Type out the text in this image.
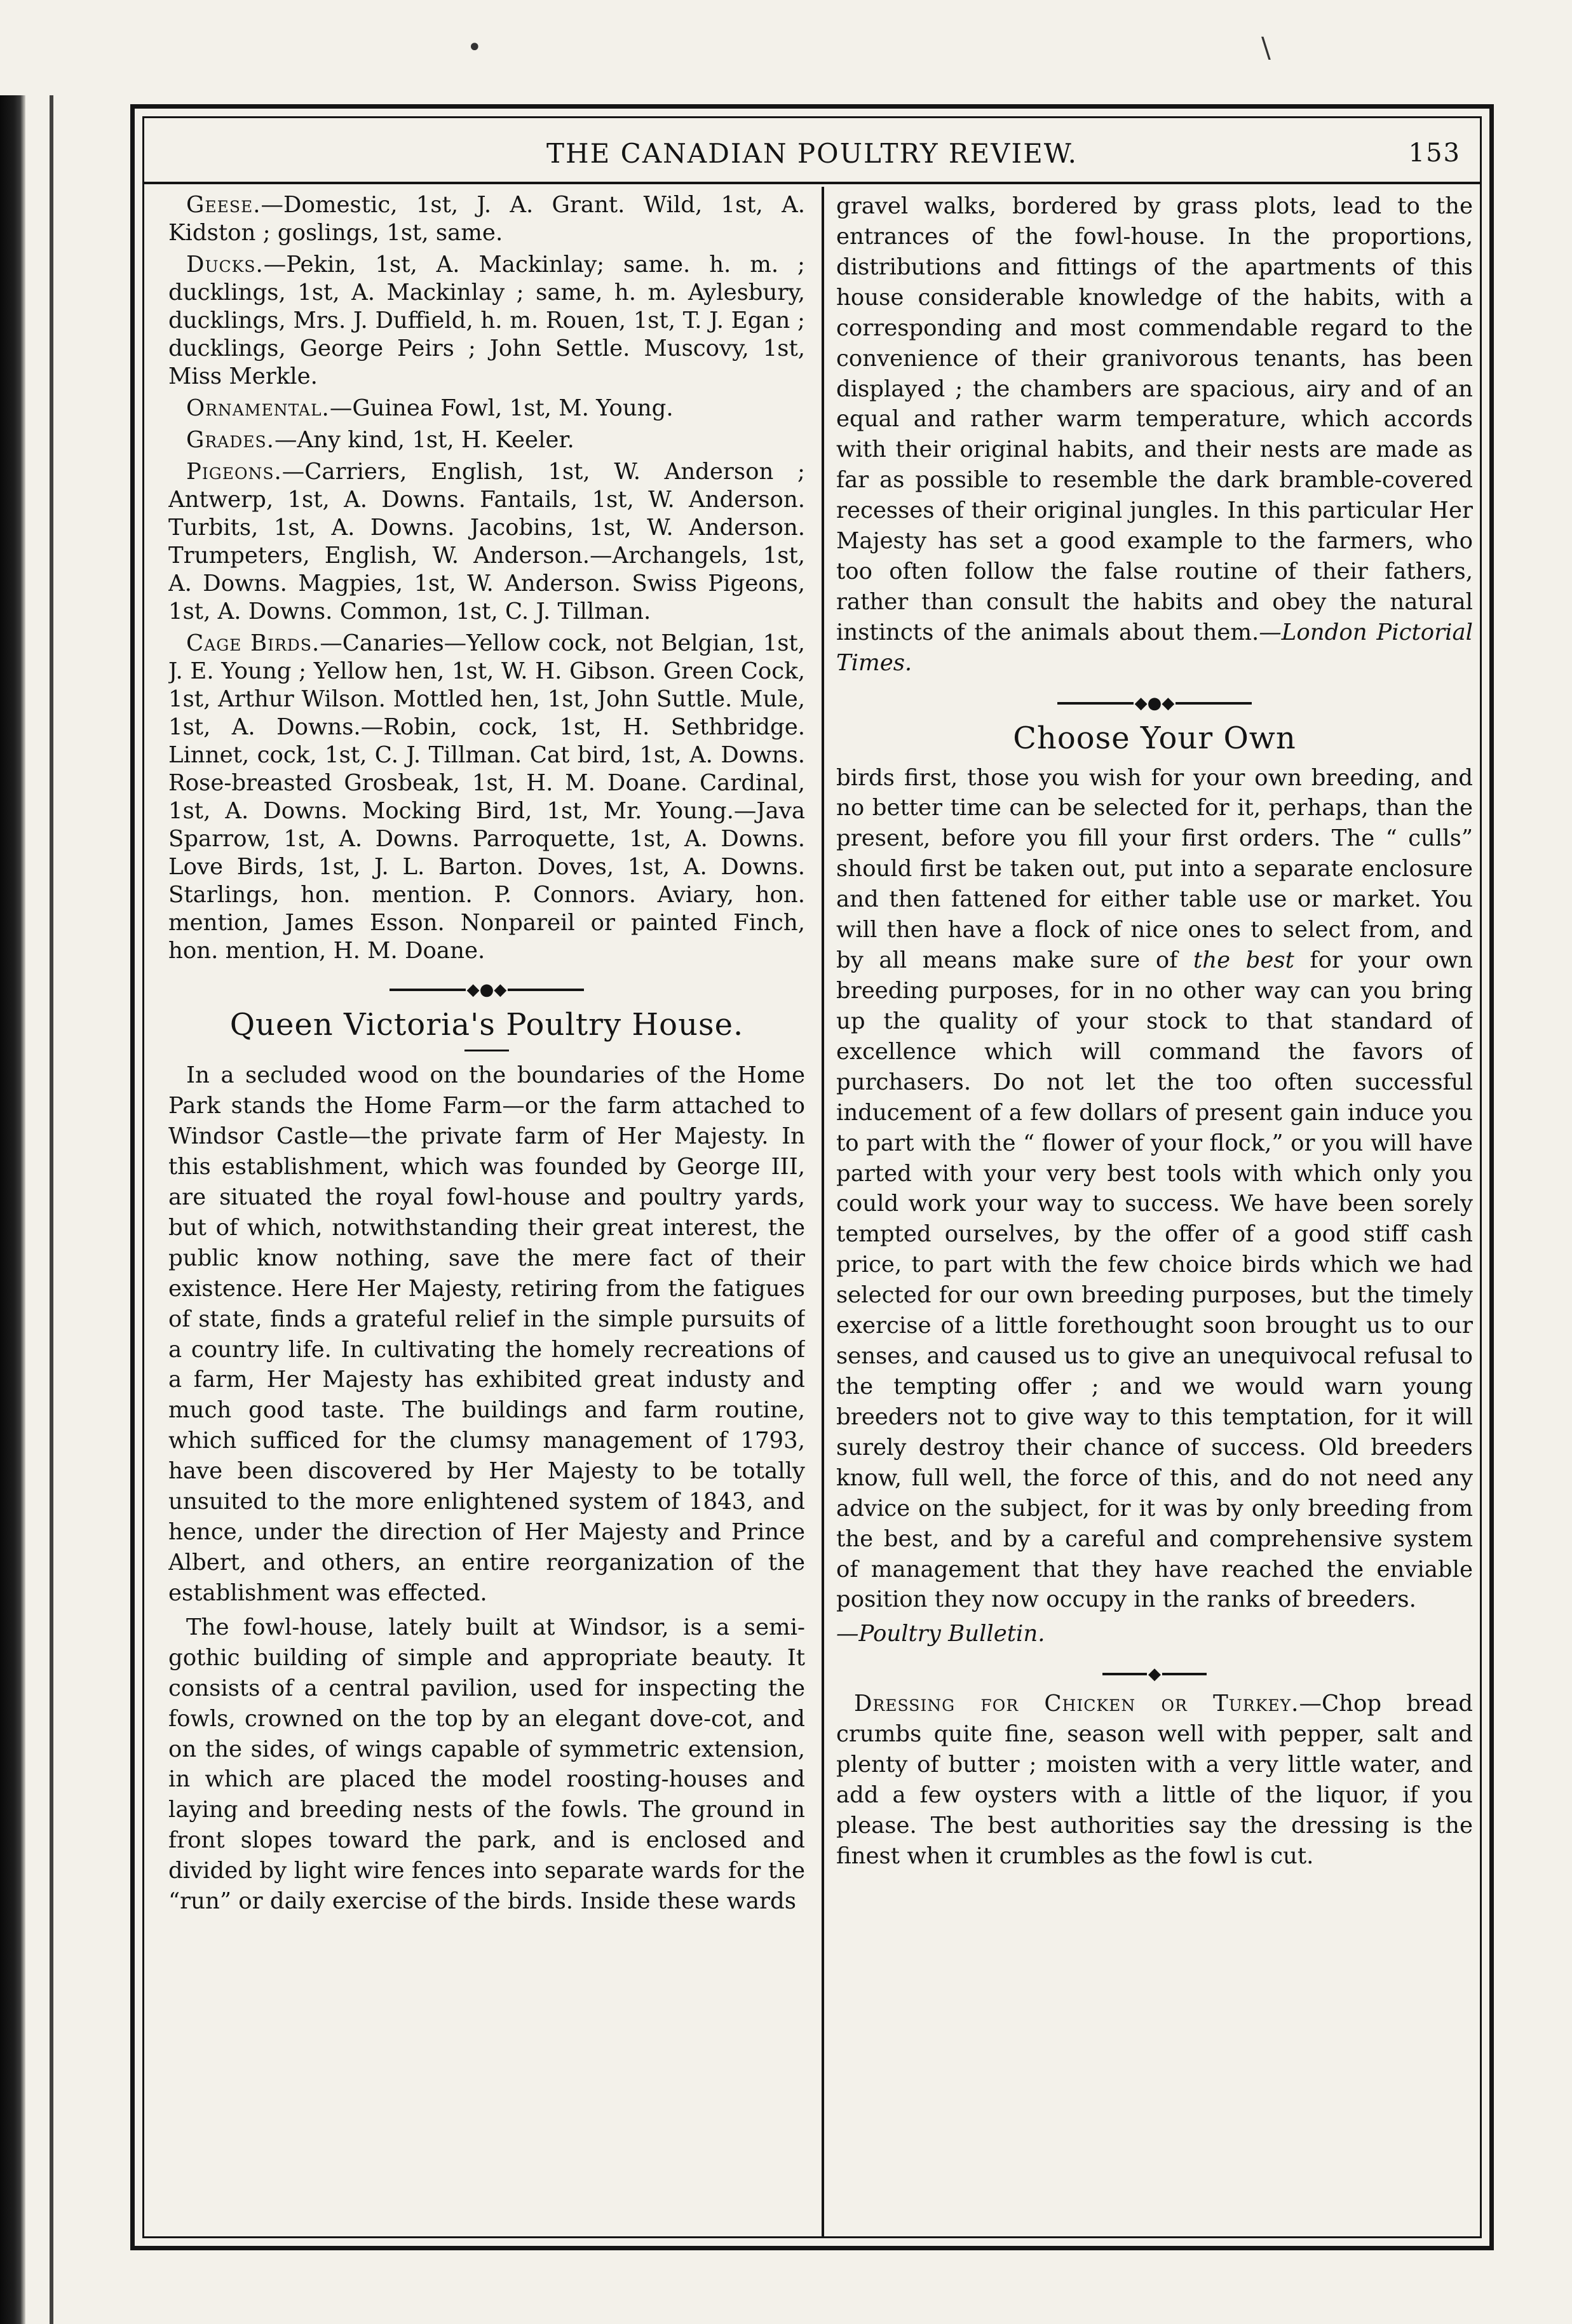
•	\
THE CANADIAN POULTRY REVIEW.	153

Geese.—Domestic, 1st, J. A. Grant. Wild, 1st, A. Kidston ; goslings, 1st, same.

Ducks.—Pekin, 1st, A. Mackinlay; same. h. m. ; ducklings, 1st, A. Mackinlay ; same, h. m. Aylesbury, ducklings, Mrs. J. Duffield, h. m. Rouen, 1st, T. J. Egan ; ducklings, George Peirs ; John Settle. Muscovy, 1st, Miss Merkle.

Ornamental.—Guinea Fowl, 1st, M. Young.

Grades.—Any kind, 1st, H. Keeler.

Pigeons.—Carriers, English, 1st, W. Anderson ; Antwerp, 1st, A. Downs. Fantails, 1st, W. Anderson. Turbits, 1st, A. Downs. Jacobins, 1st, W. Anderson. Trumpeters, English, W. Anderson.—Archangels, 1st, A. Downs. Magpies, 1st, W. Anderson. Swiss Pigeons, 1st, A. Downs. Common, 1st, C. J. Tillman.

Cage Birds.—Canaries—Yellow cock, not Belgian, 1st, J. E. Young ; Yellow hen, 1st, W. H. Gibson. Green Cock, 1st, Arthur Wilson. Mottled hen, 1st, John Suttle. Mule, 1st, A. Downs.—Robin, cock, 1st, H. Sethbridge. Linnet, cock, 1st, C. J. Tillman. Cat bird, 1st, A. Downs. Rose-breasted Grosbeak, 1st, H. M. Doane. Cardinal, 1st, A. Downs. Mocking Bird, 1st, Mr. Young.—Java Sparrow, 1st, A. Downs. Parroquette, 1st, A. Downs. Love Birds, 1st, J. L. Barton. Doves, 1st, A. Downs. Starlings, hon. mention. P. Connors. Aviary, hon. mention, James Esson. Nonpareil or painted Finch, hon. mention, H. M. Doane.

◆●◆
Queen Victoria's Poultry House.

In a secluded wood on the boundaries of the Home Park stands the Home Farm—or the farm attached to Windsor Castle—the private farm of Her Majesty. In this establishment, which was founded by George III, are situated the royal fowl-house and poultry yards, but of which, notwithstanding their great interest, the public know nothing, save the mere fact of their existence. Here Her Majesty, retiring from the fatigues of state, finds a grateful relief in the simple pursuits of a country life. In cultivating the homely recreations of a farm, Her Majesty has exhibited great industy and much good taste. The buildings and farm routine, which sufficed for the clumsy management of 1793, have been discovered by Her Majesty to be totally unsuited to the more enlightened system of 1843, and hence, under the direction of Her Majesty and Prince Albert, and others, an entire reorganization of the establishment was effected.

The fowl-house, lately built at Windsor, is a semi-gothic building of simple and appropriate beauty. It consists of a central pavilion, used for inspecting the fowls, crowned on the top by an elegant dove-cot, and on the sides, of wings capable of symmetric extension, in which are placed the model roosting-houses and laying and breeding nests of the fowls. The ground in front slopes toward the park, and is enclosed and divided by light wire fences into separate wards for the “run” or daily exercise of the birds. Inside these wards

gravel walks, bordered by grass plots, lead to the entrances of the fowl-house. In the proportions, distributions and fittings of the apartments of this house considerable knowledge of the habits, with a corresponding and most commendable regard to the convenience of their granivorous tenants, has been displayed ; the chambers are spacious, airy and of an equal and rather warm temperature, which accords with their original habits, and their nests are made as far as possible to resemble the dark bramble-covered recesses of their original jungles. In this particular Her Majesty has set a good example to the farmers, who too often follow the false routine of their fathers, rather than consult the habits and obey the natural instincts of the animals about them.—London Pictorial Times.

◆●◆
Choose Your Own

birds first, those you wish for your own breeding, and no better time can be selected for it, perhaps, than the present, before you fill your first orders. The “ culls” should first be taken out, put into a separate enclosure and then fattened for either table use or market. You will then have a flock of nice ones to select from, and by all means make sure of the best for your own breeding purposes, for in no other way can you bring up the quality of your stock to that standard of excellence which will command the favors of purchasers. Do not let the too often successful inducement of a few dollars of present gain induce you to part with the “ flower of your flock,” or you will have parted with your very best tools with which only you could work your way to success. We have been sorely tempted ourselves, by the offer of a good stiff cash price, to part with the few choice birds which we had selected for our own breeding purposes, but the timely exercise of a little forethought soon brought us to our senses, and caused us to give an unequivocal refusal to the tempting offer ; and we would warn young breeders not to give way to this temptation, for it will surely destroy their chance of success. Old breeders know, full well, the force of this, and do not need any advice on the subject, for it was by only breeding from the best, and by a careful and comprehensive system of management that they have reached the enviable position they now occupy in the ranks of breeders.

—Poultry Bulletin.

◆

Dressing for Chicken or Turkey.—Chop bread crumbs quite fine, season well with pepper, salt and plenty of butter ; moisten with a very little water, and add a few oysters with a little of the liquor, if you please. The best authorities say the dressing is the finest when it crumbles as the fowl is cut.
